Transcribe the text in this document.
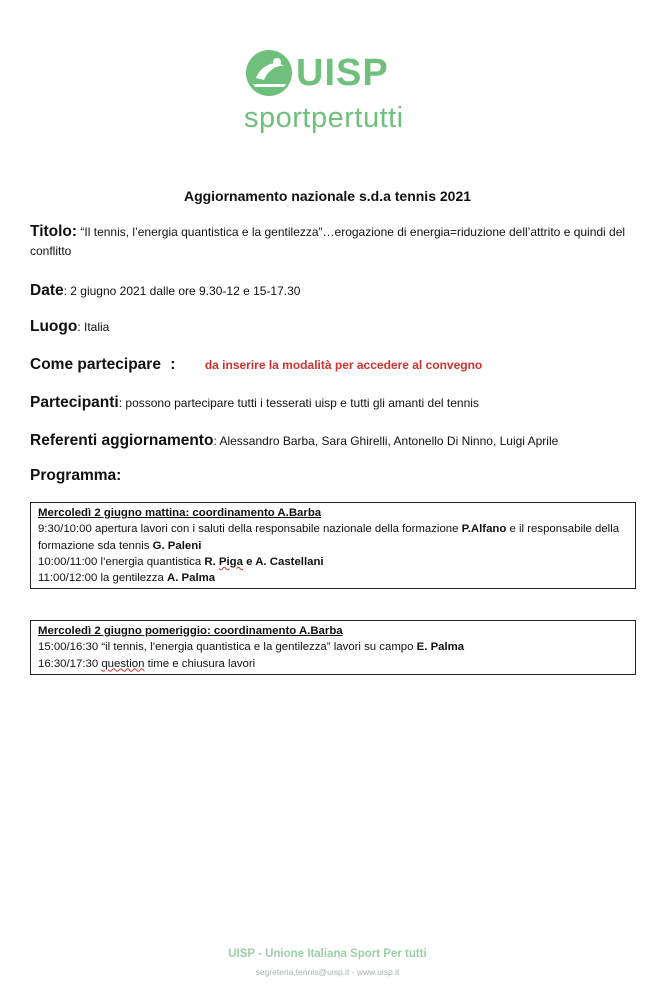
UISP
sportpertutti
Aggiornamento nazionale s.d.a tennis 2021
Titolo: “Il tennis, l’energia quantistica e la gentilezza”…erogazione di energia=riduzione dell’attrito e quindi del conflitto
Date: 2 giugno 2021 dalle ore 9.30-12 e 15-17.30
Luogo: Italia
Come partecipare : da inserire la modalità per accedere al convegno
Partecipanti: possono partecipare tutti i tesserati uisp e tutti gli amanti del tennis
Referenti aggiornamento: Alessandro Barba, Sara Ghirelli, Antonello Di Ninno, Luigi Aprile
Programma:
Mercoledì 2 giugno mattina: coordinamento A.Barba
9:30/10:00 apertura lavori con i saluti della responsabile nazionale della formazione P.Alfano e il responsabile della formazione sda tennis G. Paleni
10:00/11:00 l’energia quantistica R. Piga e A. Castellani
11:00/12:00 la gentilezza A. Palma
Mercoledì 2 giugno pomeriggio: coordinamento A.Barba
15:00/16:30 “il tennis, l’energia quantistica e la gentilezza” lavori su campo E. Palma
16:30/17:30 question time e chiusura lavori
UISP - Unione Italiana Sport Per tutti
segreteria.tennis@uisp.it - www.uisp.it
